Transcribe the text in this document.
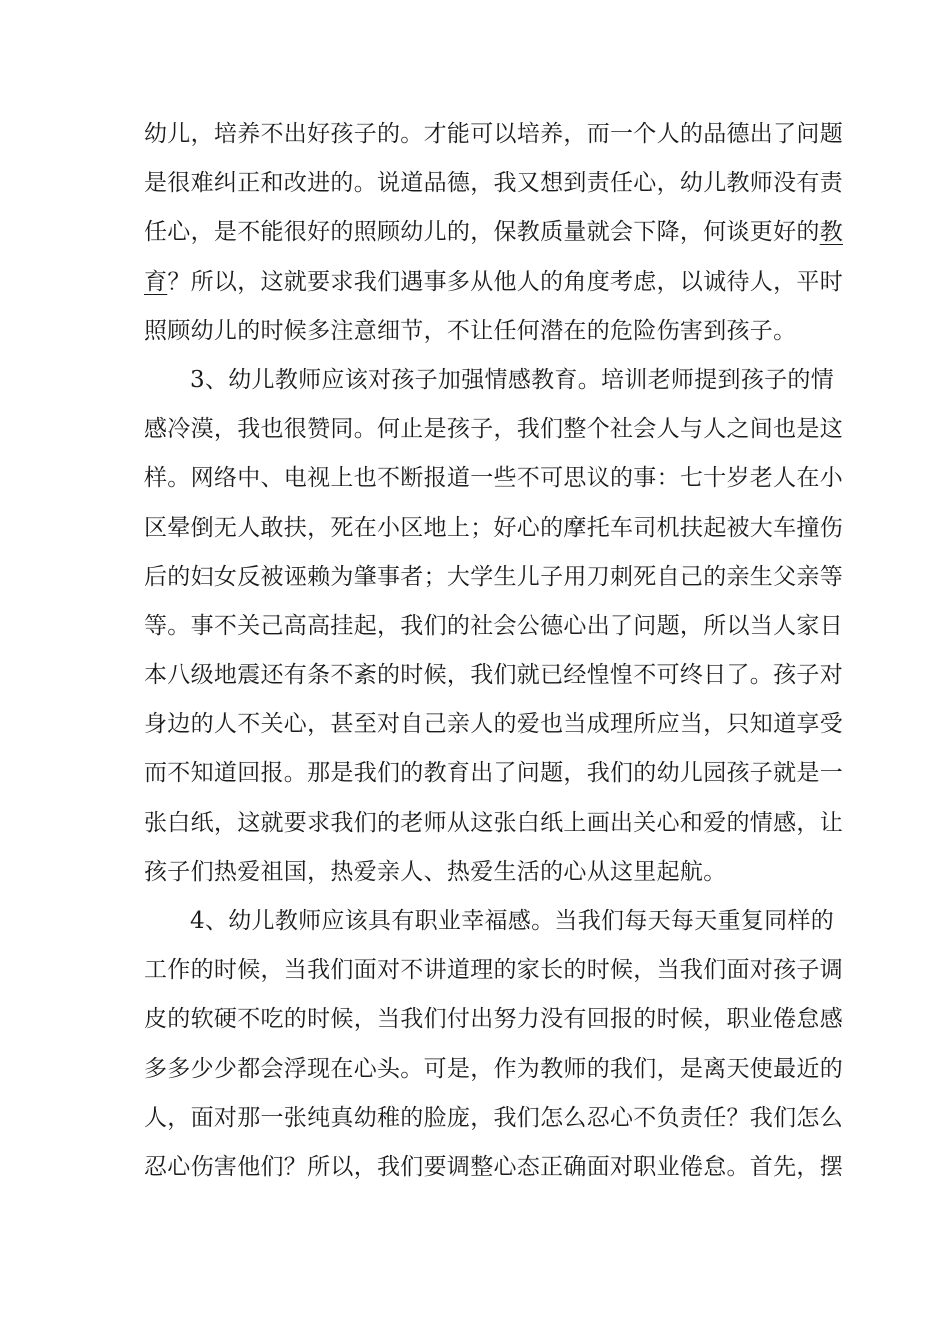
幼儿，培养不出好孩子的。才能可以培养，而一个人的品德出了问题
是很难纠正和改进的。说道品德，我又想到责任心，幼儿教师没有责
任心，是不能很好的照顾幼儿的，保教质量就会下降，何谈更好的教
育？所以，这就要求我们遇事多从他人的角度考虑，以诚待人，平时
照顾幼儿的时候多注意细节，不让任何潜在的危险伤害到孩子。
3、幼儿教师应该对孩子加强情感教育。培训老师提到孩子的情
感冷漠，我也很赞同。何止是孩子，我们整个社会人与人之间也是这
样。网络中、电视上也不断报道一些不可思议的事：七十岁老人在小
区晕倒无人敢扶，死在小区地上；好心的摩托车司机扶起被大车撞伤
后的妇女反被诬赖为肇事者；大学生儿子用刀刺死自己的亲生父亲等
等。事不关己高高挂起，我们的社会公德心出了问题，所以当人家日
本八级地震还有条不紊的时候，我们就已经惶惶不可终日了。孩子对
身边的人不关心，甚至对自己亲人的爱也当成理所应当，只知道享受
而不知道回报。那是我们的教育出了问题，我们的幼儿园孩子就是一
张白纸，这就要求我们的老师从这张白纸上画出关心和爱的情感，让
孩子们热爱祖国，热爱亲人、热爱生活的心从这里起航。
4、幼儿教师应该具有职业幸福感。当我们每天每天重复同样的
工作的时候，当我们面对不讲道理的家长的时候，当我们面对孩子调
皮的软硬不吃的时候，当我们付出努力没有回报的时候，职业倦怠感
多多少少都会浮现在心头。可是，作为教师的我们，是离天使最近的
人，面对那一张纯真幼稚的脸庞，我们怎么忍心不负责任？我们怎么
忍心伤害他们？所以，我们要调整心态正确面对职业倦怠。首先，摆
